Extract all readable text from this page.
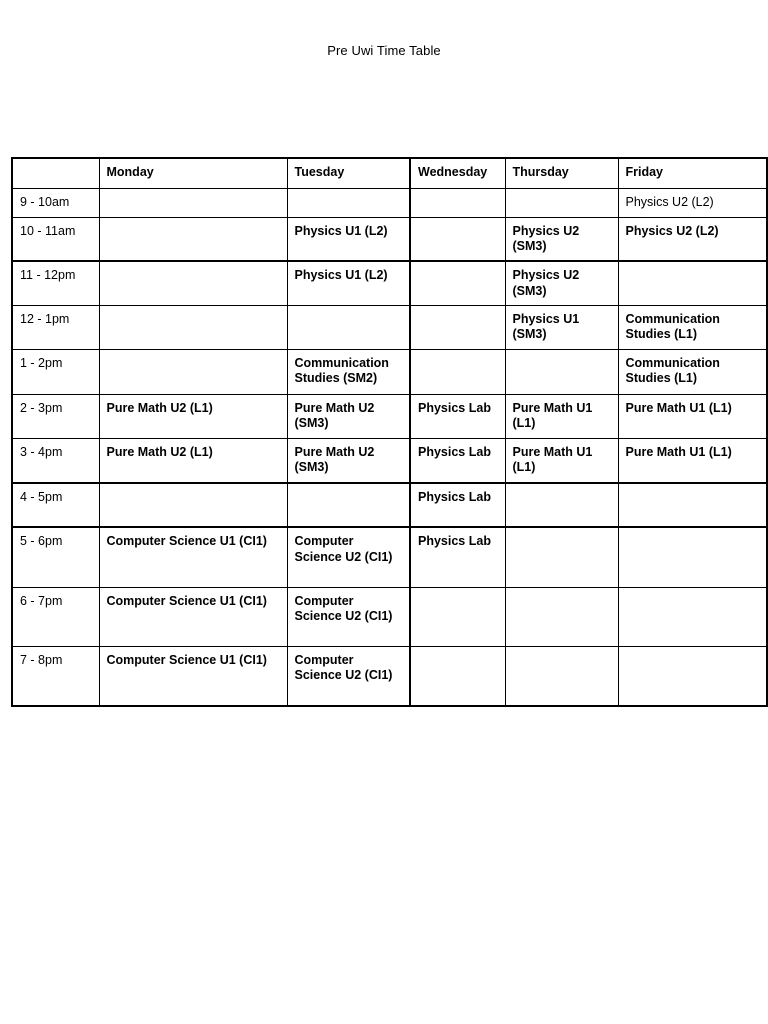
Pre Uwi Time Table
	Monday	Tuesday	Wednesday	Thursday	Friday
9 - 10am					Physics U2 (L2)
10 - 11am		Physics U1 (L2)		Physics U2 (SM3)	Physics U2 (L2)
11 - 12pm		Physics U1 (L2)		Physics U2 (SM3)	
12 - 1pm				Physics U1 (SM3)	Communication Studies (L1)
1 - 2pm		Communication Studies (SM2)			Communication Studies (L1)
2 - 3pm	Pure Math U2 (L1)	Pure Math U2 (SM3)	Physics Lab	Pure Math U1 (L1)	Pure Math U1 (L1)
3 - 4pm	Pure Math U2 (L1)	Pure Math U2 (SM3)	Physics Lab	Pure Math U1 (L1)	Pure Math U1 (L1)
4 - 5pm			Physics Lab		
5 - 6pm	Computer Science U1 (CI1)	Computer Science U2 (CI1)	Physics Lab		
6 - 7pm	Computer Science U1 (CI1)	Computer Science U2 (CI1)			
7 - 8pm	Computer Science U1 (CI1)	Computer Science U2 (CI1)			
